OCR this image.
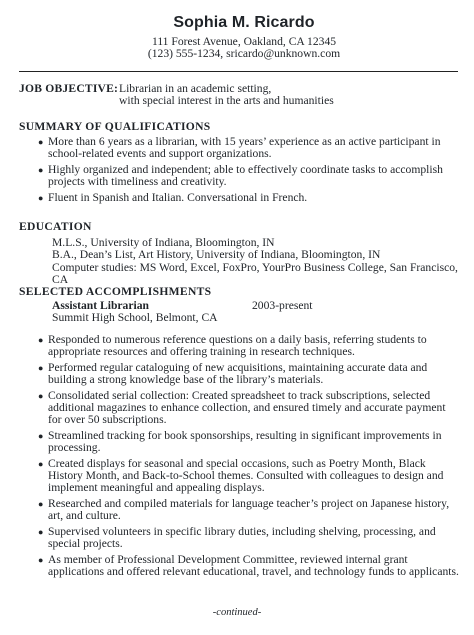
Sophia M. Ricardo
111 Forest Avenue, Oakland, CA 12345
(123) 555-1234, sricardo@unknown.com
JOB OBJECTIVE: Librarian in an academic setting,
with special interest in the arts and humanities
SUMMARY OF QUALIFICATIONS
● More than 6 years as a librarian, with 15 years’ experience as an active participant in school-related events and support organizations.
● Highly organized and independent; able to effectively coordinate tasks to accomplish projects with timeliness and creativity.
● Fluent in Spanish and Italian. Conversational in French.
EDUCATION
M.L.S., University of Indiana, Bloomington, IN
B.A., Dean’s List, Art History, University of Indiana, Bloomington, IN
Computer studies: MS Word, Excel, FoxPro, YourPro Business College, San Francisco, CA
SELECTED ACCOMPLISHMENTS
Assistant Librarian	2003-present
Summit High School, Belmont, CA
● Responded to numerous reference questions on a daily basis, referring students to appropriate resources and offering training in research techniques.
● Performed regular cataloguing of new acquisitions, maintaining accurate data and building a strong knowledge base of the library’s materials.
● Consolidated serial collection: Created spreadsheet to track subscriptions, selected additional magazines to enhance collection, and ensured timely and accurate payment for over 50 subscriptions.
● Streamlined tracking for book sponsorships, resulting in significant improvements in processing.
● Created displays for seasonal and special occasions, such as Poetry Month, Black History Month, and Back-to-School themes. Consulted with colleagues to design and implement meaningful and appealing displays.
● Researched and compiled materials for language teacher’s project on Japanese history, art, and culture.
● Supervised volunteers in specific library duties, including shelving, processing, and special projects.
● As member of Professional Development Committee, reviewed internal grant applications and offered relevant educational, travel, and technology funds to applicants.
-continued-
